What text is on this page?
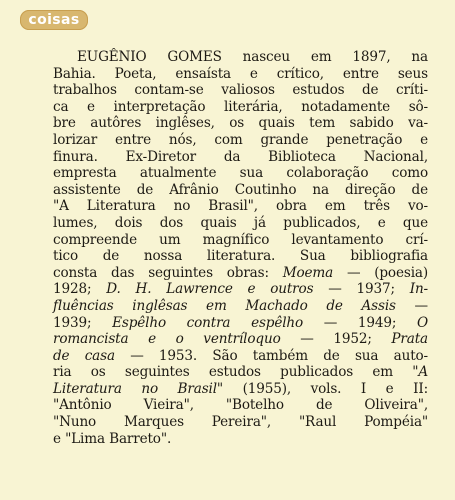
coisas
EUGÊNIO GOMES nasceu em 1897, na
Bahia. Poeta, ensaísta e crítico, entre seus
trabalhos contam-se valiosos estudos de críti-
ca e interpretação literária, notadamente sô-
bre autôres inglêses, os quais tem sabido va-
lorizar entre nós, com grande penetração e
finura. Ex-Diretor da Biblioteca Nacional,
empresta atualmente sua colaboração como
assistente de Afrânio Coutinho na direção de
"A Literatura no Brasil", obra em três vo-
lumes, dois dos quais já publicados, e que
compreende um magnífico levantamento crí-
tico de nossa literatura. Sua bibliografia
consta das seguintes obras: Moema — (poesia)
1928; D. H. Lawrence e outros — 1937; In-
fluências inglêsas em Machado de Assis —
1939; Espêlho contra espêlho — 1949; O
romancista e o ventríloquo — 1952; Prata
de casa — 1953. São também de sua auto-
ria os seguintes estudos publicados em "A
Literatura no Brasil" (1955), vols. I e II:
"Antônio Vieira", "Botelho de Oliveira",
"Nuno Marques Pereira", "Raul Pompéia"
e "Lima Barreto".
